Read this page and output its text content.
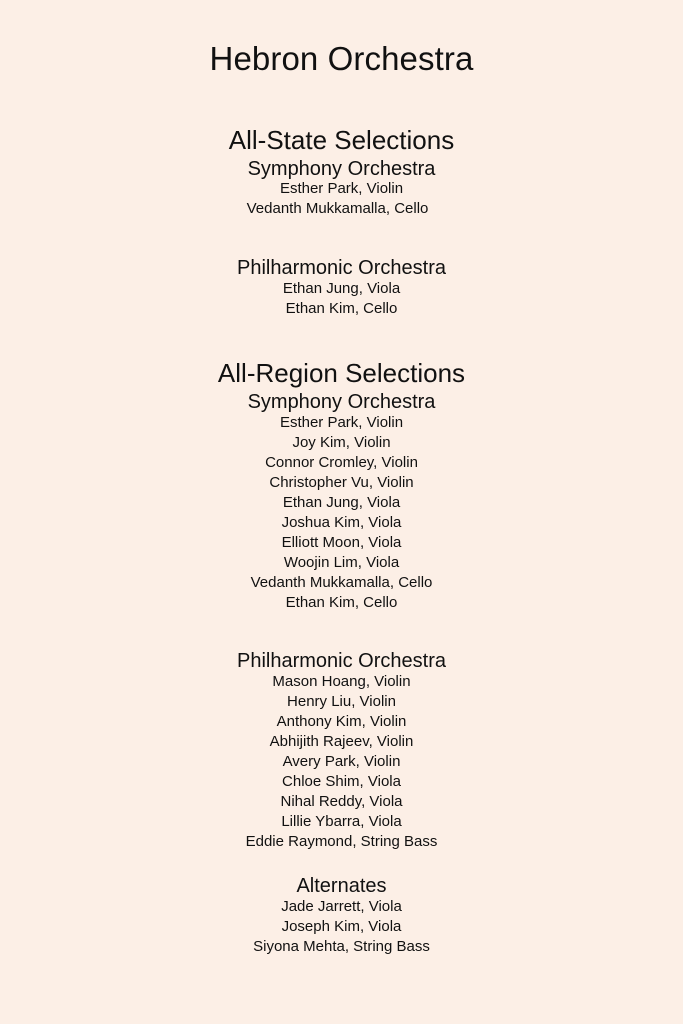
Hebron Orchestra
All-State Selections
Symphony Orchestra
Esther Park, Violin
Vedanth Mukkamalla, Cello
Philharmonic Orchestra
Ethan Jung, Viola
Ethan Kim, Cello
All-Region Selections
Symphony Orchestra
Esther Park, Violin
Joy Kim, Violin
Connor Cromley, Violin
Christopher Vu, Violin
Ethan Jung, Viola
Joshua Kim, Viola
Elliott Moon, Viola
Woojin Lim, Viola
Vedanth Mukkamalla, Cello
Ethan Kim, Cello
Philharmonic Orchestra
Mason Hoang, Violin
Henry Liu, Violin
Anthony Kim, Violin
Abhijith Rajeev, Violin
Avery Park, Violin
Chloe Shim, Viola
Nihal Reddy, Viola
Lillie Ybarra, Viola
Eddie Raymond, String Bass
Alternates
Jade Jarrett, Viola
Joseph Kim, Viola
Siyona Mehta, String Bass
